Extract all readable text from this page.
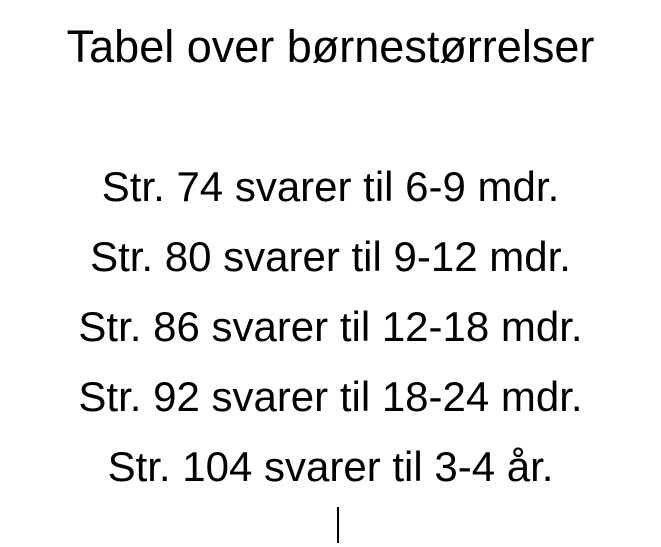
Tabel over børnestørrelser
Str. 74 svarer til 6-9 mdr.
Str. 80 svarer til 9-12 mdr.
Str. 86 svarer til 12-18 mdr.
Str. 92 svarer til 18-24 mdr.
Str. 104 svarer til 3-4 år.
